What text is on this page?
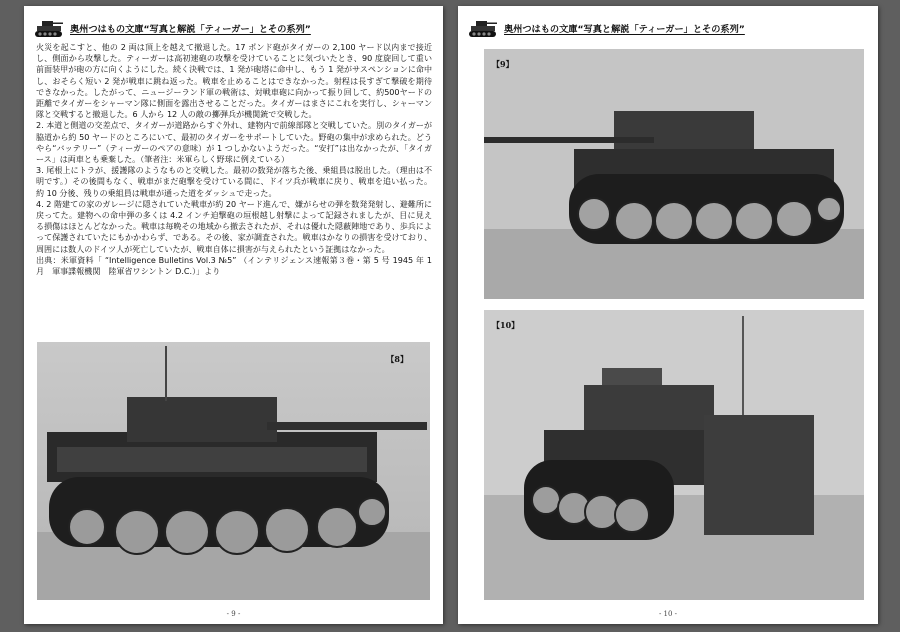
奥州つはもの文庫“写真と解説「ティーガー」とその系列”

火災を起こすと、他の 2 両は頂上を越えて撤退した。17 ポンド砲がタイガーの 2,100 ヤード以内まで接近し、側面から攻撃した。ティーガーは高初速砲の攻撃を受けていることに気づいたとき、90 度旋回して重い前面装甲が砲の方に向くようにした。続く決戦では、1 発が砲塔に命中し、もう 1 発がサスペンションに命中し、おそらく短い 2 発が戦車に跳ね返った。戦車を止めることはできなかった。射程は長すぎて撃破を期待できなかった。したがって、ニュージーランド軍の戦術は、対戦車砲に向かって振り回して、約500ヤードの距離でタイガーをシャーマン隊に側面を露出させることだった。タイガーはまさにこれを実行し、シャーマン隊と交戦すると撤退した。6 人から 12 人の敵の擲弾兵が機関銃で交戦した。

2. 本道と側道の交差点で、タイガーが道路からすぐ外れ、建物内で前線部隊と交戦していた。別のタイガーが脇道から約 50 ヤードのところにいて、最初のタイガーをサポートしていた。野砲の集中が求められた。どうやら“バッテリー”（ティーガーのペアの意味）が 1 つしかないようだった。“安打”は出なかったが、「タイガース」は両車とも乗棄した。（筆者注：米軍らしく野球に例えている）

3. 尾根上にトラが、援護隊のようなものと交戦した。最初の数発が落ちた後、乗組員は脱出した。（理由は不明です。）その後間もなく、戦車がまだ砲撃を受けている間に、ドイツ兵が戦車に戻り、戦車を追い払った。約 10 分後、残りの乗組員は戦車が通った道をダッシュで走った。

4. 2 階建ての家のガレージに隠されていた戦車が約 20 ヤード進んで、嫌がらせの弾を数発発射し、避難所に戻ってた。建物への命中弾の多くは 4.2 インチ迫撃砲の垣根越し射撃によって記録されましたが、目に見える損傷はほとんどなかった。戦車は毎晩その地域から撤去されたが、それは優れた隠蔽陣地であり、歩兵によって保護されていたにもかかわらず、である。その後、家が調査された。戦車はかなりの損害を受けており、周囲には数人のドイツ人が死亡していたが、戦車自体に損害が与えられたという証拠はなかった。

出典：米軍資料「 “Intelligence Bulletins Vol.3 №5” （インテリジェンス速報第３巻・第 5 号 1945 年 1 月　軍事諜報機関　陸軍省ワシントン D.C.）」より

【8】
- 9 -
奥州つはもの文庫“写真と解説「ティーガー」とその系列”
【9】
【10】
- 10 -
